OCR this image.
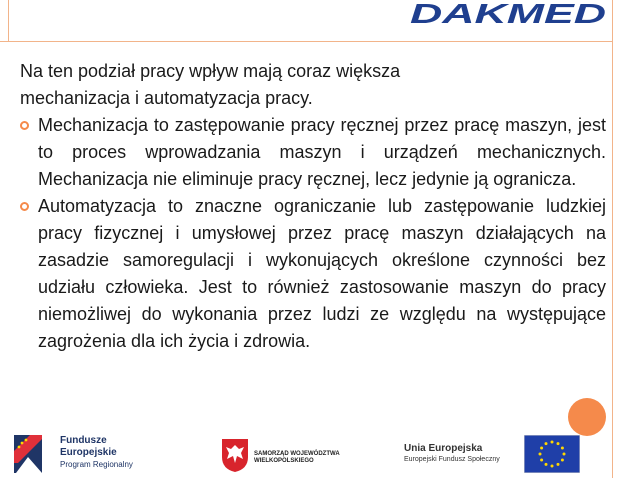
DAKMED
Na ten podział pracy wpływ mają coraz większa
mechanizacja i automatyzacja pracy.
Mechanizacja to zastępowanie pracy ręcznej przez pracę maszyn, jest to proces wprowadzania maszyn i urządzeń mechanicznych. Mechanizacja nie eliminuje pracy ręcznej, lecz jedynie ją ogranicza.
Automatyzacja to znaczne ograniczanie lub zastępowanie ludzkiej pracy fizycznej i umysłowej przez pracę maszyn działających na zasadzie samoregulacji i wykonujących określone czynności bez udziału człowieka. Jest to również zastosowanie maszyn do pracy niemożliwej do wykonania przez ludzi ze względu na występujące zagrożenia dla ich życia i zdrowia.
Fundusze
Europejskie
Program Regionalny
SAMORZĄD WOJEWÓDZTWA
WIELKOPOLSKIEGO
Unia Europejska
Europejski Fundusz Społeczny
